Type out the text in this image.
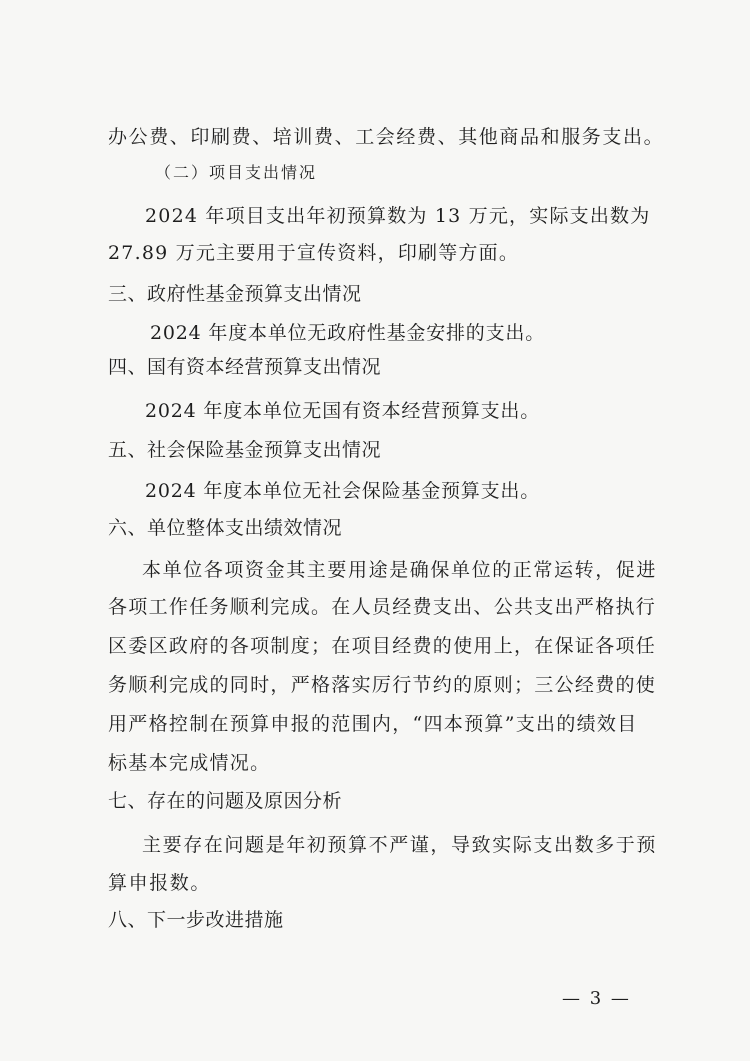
办公费、印刷费、培训费、工会经费、其他商品和服务支出。
（二）项目支出情况
2024 年项目支出年初预算数为 13 万元，实际支出数为
27.89 万元主要用于宣传资料，印刷等方面。
三、政府性基金预算支出情况
2024 年度本单位无政府性基金安排的支出。
四、国有资本经营预算支出情况
2024 年度本单位无国有资本经营预算支出。
五、社会保险基金预算支出情况
2024 年度本单位无社会保险基金预算支出。
六、单位整体支出绩效情况
本单位各项资金其主要用途是确保单位的正常运转，促进
各项工作任务顺利完成。在人员经费支出、公共支出严格执行
区委区政府的各项制度；在项目经费的使用上，在保证各项任
务顺利完成的同时，严格落实厉行节约的原则；三公经费的使
用严格控制在预算申报的范围内，“四本预算”支出的绩效目
标基本完成情况。
七、存在的问题及原因分析
主要存在问题是年初预算不严谨，导致实际支出数多于预
算申报数。
八、下一步改进措施
— 3 —
